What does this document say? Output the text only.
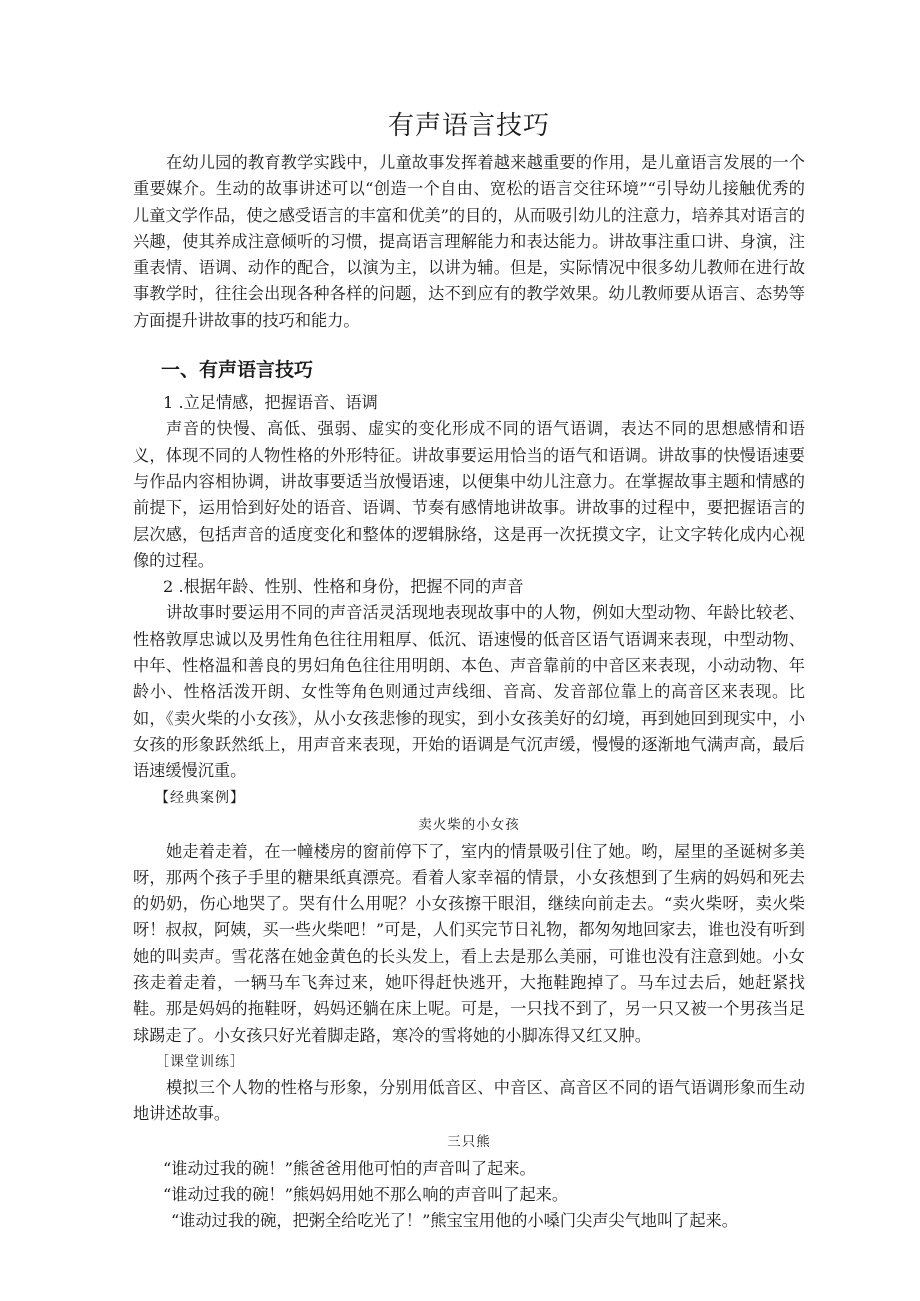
有声语言技巧

在幼儿园的教育教学实践中，儿童故事发挥着越来越重要的作用，是儿童语言发展的一个重要媒介。生动的故事讲述可以“创造一个自由、宽松的语言交往环境”“引导幼儿接触优秀的儿童文学作品，使之感受语言的丰富和优美”的目的，从而吸引幼儿的注意力，培养其对语言的兴趣，使其养成注意倾听的习惯，提高语言理解能力和表达能力。讲故事注重口讲、身演，注重表情、语调、动作的配合，以演为主，以讲为辅。但是，实际情况中很多幼儿教师在进行故事教学时，往往会出现各种各样的问题，达不到应有的教学效果。幼儿教师要从语言、态势等方面提升讲故事的技巧和能力。

一、有声语言技巧

1 .立足情感，把握语音、语调

声音的快慢、高低、强弱、虚实的变化形成不同的语气语调，表达不同的思想感情和语义，体现不同的人物性格的外形特征。讲故事要运用恰当的语气和语调。讲故事的快慢语速要与作品内容相协调，讲故事要适当放慢语速，以便集中幼儿注意力。在掌握故事主题和情感的前提下，运用恰到好处的语音、语调、节奏有感情地讲故事。讲故事的过程中，要把握语言的层次感，包括声音的适度变化和整体的逻辑脉络，这是再一次抚摸文字，让文字转化成内心视像的过程。

2 .根据年龄、性别、性格和身份，把握不同的声音

讲故事时要运用不同的声音活灵活现地表现故事中的人物，例如大型动物、年龄比较老、性格敦厚忠诚以及男性角色往往用粗厚、低沉、语速慢的低音区语气语调来表现，中型动物、中年、性格温和善良的男妇角色往往用明朗、本色、声音靠前的中音区来表现，小动动物、年龄小、性格活泼开朗、女性等角色则通过声线细、音高、发音部位靠上的高音区来表现。比如，《卖火柴的小女孩》，从小女孩悲惨的现实，到小女孩美好的幻境，再到她回到现实中，小女孩的形象跃然纸上，用声音来表现，开始的语调是气沉声缓，慢慢的逐渐地气满声高，最后语速缓慢沉重。

【经典案例】

卖火柴的小女孩

她走着走着，在一幢楼房的窗前停下了，室内的情景吸引住了她。哟，屋里的圣诞树多美呀，那两个孩子手里的糖果纸真漂亮。看着人家幸福的情景，小女孩想到了生病的妈妈和死去的奶奶，伤心地哭了。哭有什么用呢？小女孩擦干眼泪，继续向前走去。“卖火柴呀，卖火柴呀！叔叔，阿姨，买一些火柴吧！”可是，人们买完节日礼物，都匆匆地回家去，谁也没有听到她的叫卖声。雪花落在她金黄色的长头发上，看上去是那么美丽，可谁也没有注意到她。小女孩走着走着，一辆马车飞奔过来，她吓得赶快逃开，大拖鞋跑掉了。马车过去后，她赶紧找鞋。那是妈妈的拖鞋呀，妈妈还躺在床上呢。可是，一只找不到了，另一只又被一个男孩当足球踢走了。小女孩只好光着脚走路，寒冷的雪将她的小脚冻得又红又肿。

［课堂训练］

模拟三个人物的性格与形象，分别用低音区、中音区、高音区不同的语气语调形象而生动地讲述故事。

三只熊

“谁动过我的碗！”熊爸爸用他可怕的声音叫了起来。

“谁动过我的碗！”熊妈妈用她不那么响的声音叫了起来。

“谁动过我的碗，把粥全给吃光了！”熊宝宝用他的小嗓门尖声尖气地叫了起来。
